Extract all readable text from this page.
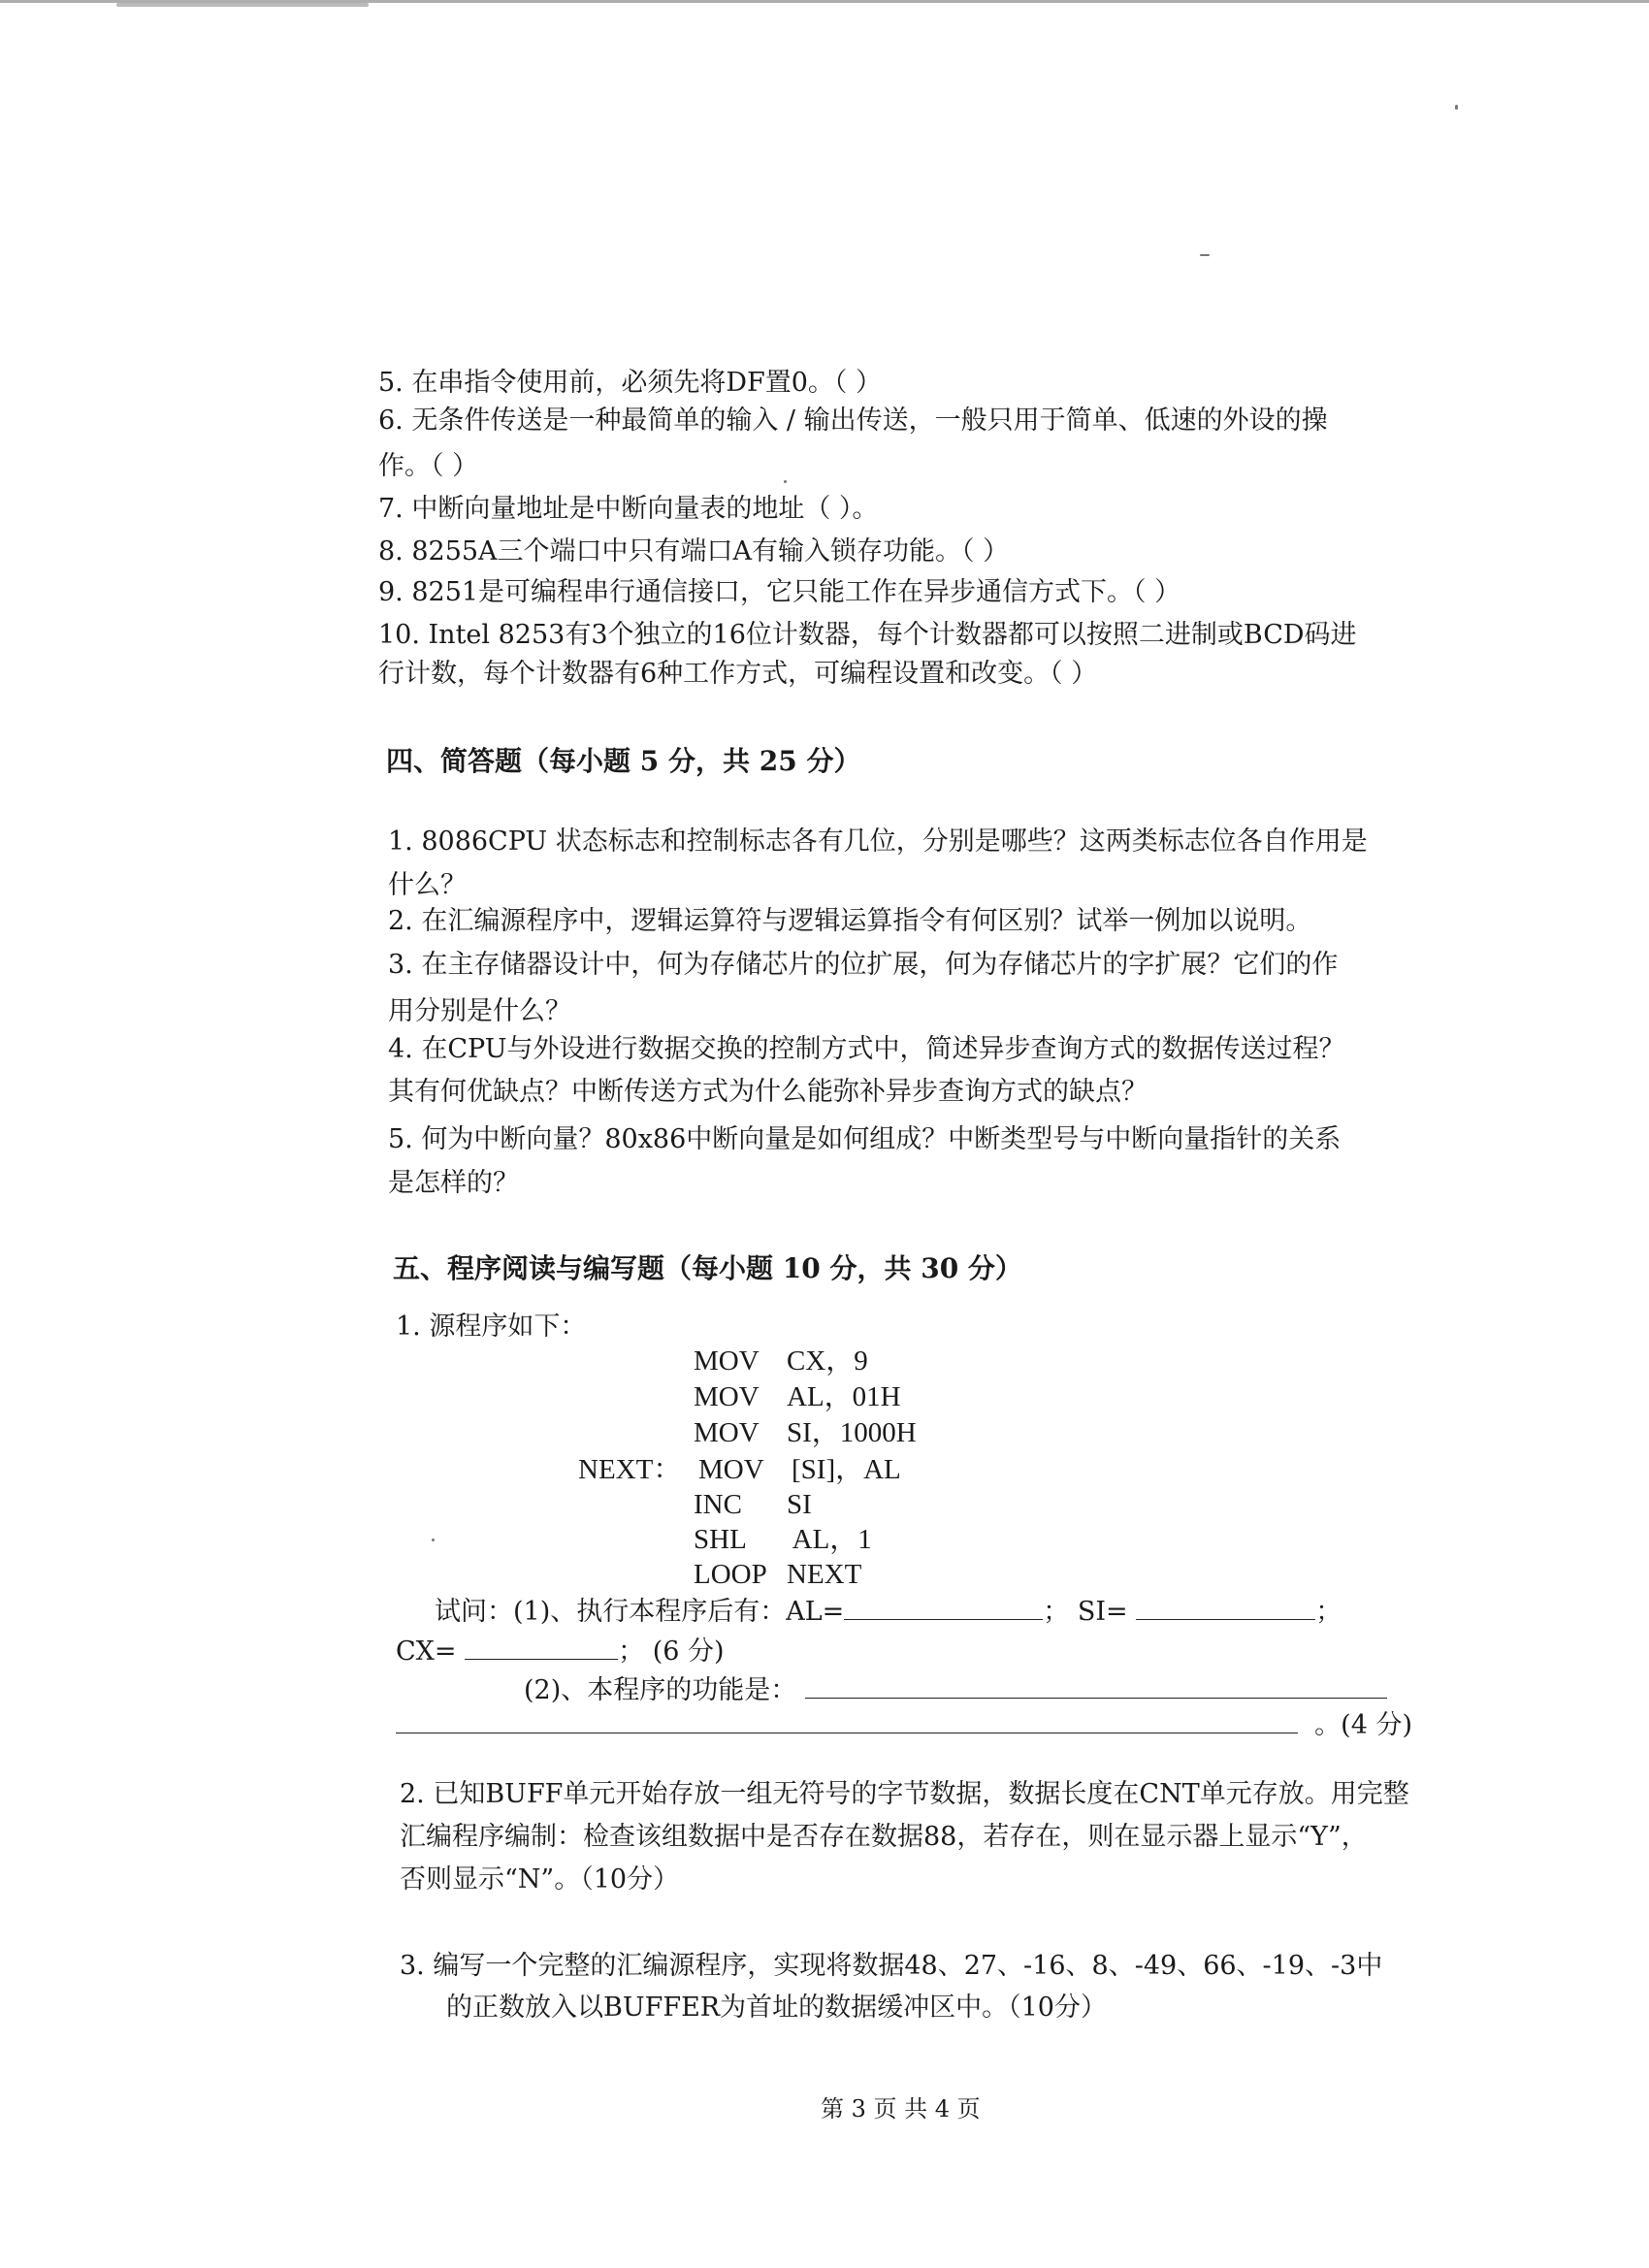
5. 在串指令使用前，必须先将DF置0。（ ）
6. 无条件传送是一种最简单的输入 / 输出传送，一般只用于简单、低速的外设的操
作。（ ）
7. 中断向量地址是中断向量表的地址（ ）。
8. 8255A三个端口中只有端口A有输入锁存功能。（ ）
9. 8251是可编程串行通信接口，它只能工作在异步通信方式下。（ ）
10. Intel 8253有3个独立的16位计数器，每个计数器都可以按照二进制或BCD码进
行计数，每个计数器有6种工作方式，可编程设置和改变。（ ）
四、简答题（每小题 5 分，共 25 分）
1. 8086CPU 状态标志和控制标志各有几位，分别是哪些？这两类标志位各自作用是
什么？
2. 在汇编源程序中，逻辑运算符与逻辑运算指令有何区别？试举一例加以说明。
3. 在主存储器设计中，何为存储芯片的位扩展，何为存储芯片的字扩展？它们的作
用分别是什么？
4. 在CPU与外设进行数据交换的控制方式中，简述异步查询方式的数据传送过程？
其有何优缺点？中断传送方式为什么能弥补异步查询方式的缺点？
5. 何为中断向量？80x86中断向量是如何组成？中断类型号与中断向量指针的关系
是怎样的？
五、程序阅读与编写题（每小题 10 分，共 30 分）
1. 源程序如下：
MOV CX，9
MOV AL，01H
MOV SI，1000H
NEXT： MOV [SI]，AL
INC SI
SHL AL，1
LOOP NEXT
试问：(1)、执行本程序后有：AL=	； SI=	；
CX=	； (6 分)
(2)、本程序的功能是：
。(4 分)
2. 已知BUFF单元开始存放一组无符号的字节数据，数据长度在CNT单元存放。用完整
汇编程序编制：检查该组数据中是否存在数据88，若存在，则在显示器上显示“Y”，
否则显示“N”。（10分）
3. 编写一个完整的汇编源程序，实现将数据48、27、-16、8、-49、66、-19、-3中
的正数放入以BUFFER为首址的数据缓冲区中。（10分）
第 3 页 共 4 页
